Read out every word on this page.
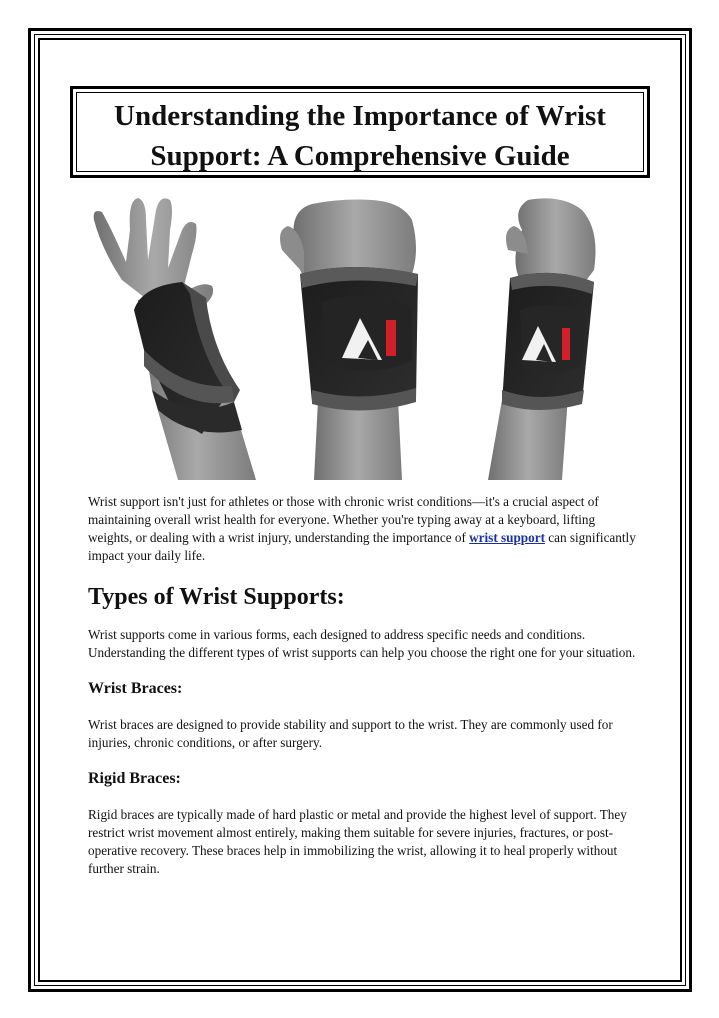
Understanding the Importance of Wrist Support: A Comprehensive Guide

Wrist support isn't just for athletes or those with chronic wrist conditions—it's a crucial aspect of maintaining overall wrist health for everyone. Whether you're typing away at a keyboard, lifting weights, or dealing with a wrist injury, understanding the importance of wrist support can significantly impact your daily life.

Types of Wrist Supports:

Wrist supports come in various forms, each designed to address specific needs and conditions. Understanding the different types of wrist supports can help you choose the right one for your situation.

Wrist Braces:

Wrist braces are designed to provide stability and support to the wrist. They are commonly used for injuries, chronic conditions, or after surgery.

Rigid Braces:

Rigid braces are typically made of hard plastic or metal and provide the highest level of support. They restrict wrist movement almost entirely, making them suitable for severe injuries, fractures, or post-operative recovery. These braces help in immobilizing the wrist, allowing it to heal properly without further strain.
